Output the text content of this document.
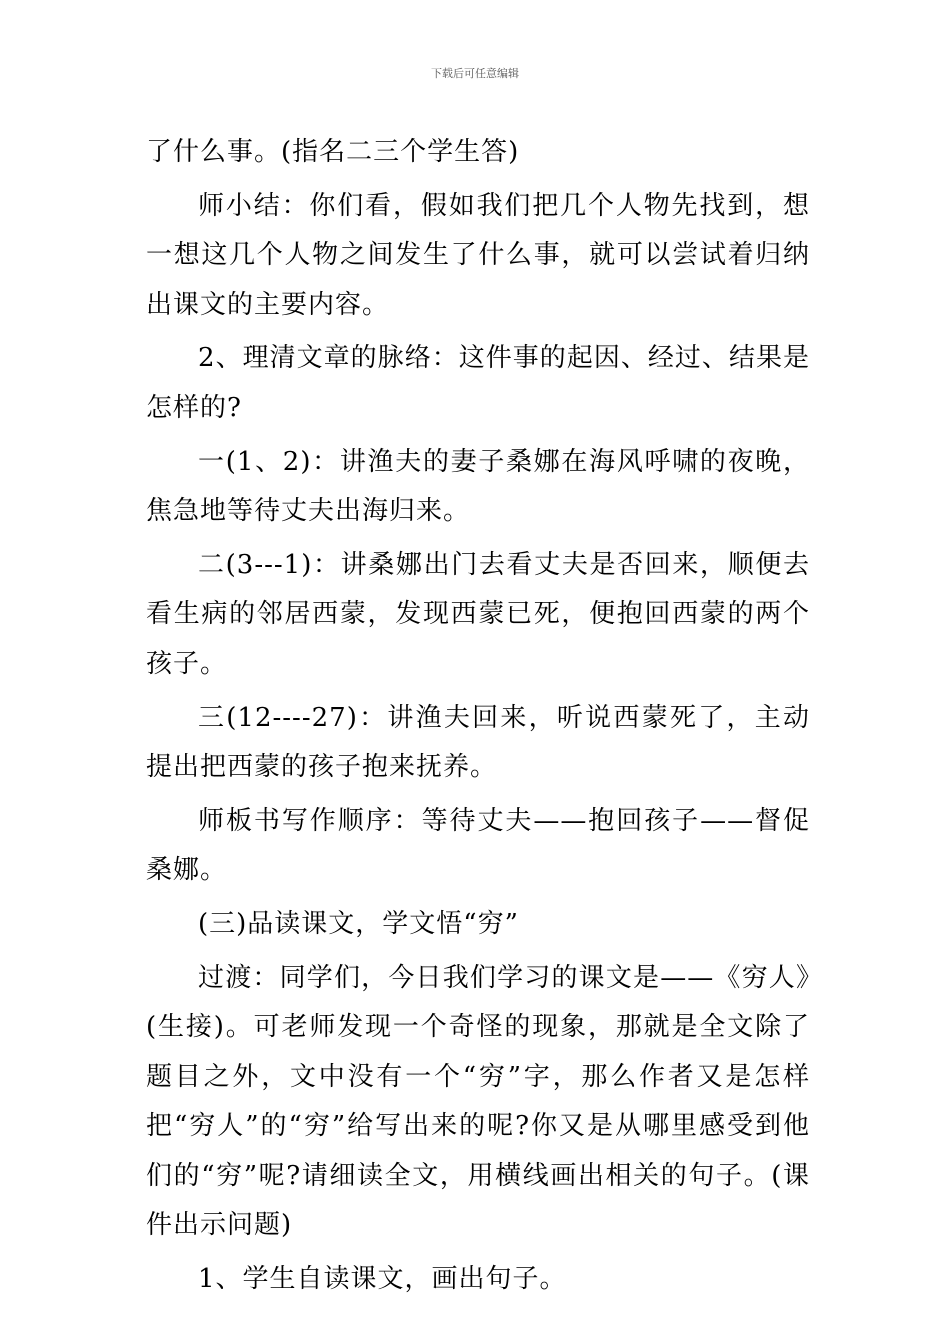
下载后可任意编辑

了什么事。(指名二三个学生答)

师小结：你们看，假如我们把几个人物先找到，想一想这几个人物之间发生了什么事，就可以尝试着归纳出课文的主要内容。

2、理清文章的脉络：这件事的起因、经过、结果是怎样的?

一(1、2)：讲渔夫的妻子桑娜在海风呼啸的夜晚，焦急地等待丈夫出海归来。

二(3---1)：讲桑娜出门去看丈夫是否回来，顺便去看生病的邻居西蒙，发现西蒙已死，便抱回西蒙的两个孩子。

三(12----27)：讲渔夫回来，听说西蒙死了，主动提出把西蒙的孩子抱来抚养。

师板书写作顺序：等待丈夫——抱回孩子——督促桑娜。

(三)品读课文，学文悟“穷”

过渡：同学们，今日我们学习的课文是——《穷人》(生接)。可老师发现一个奇怪的现象，那就是全文除了题目之外，文中没有一个“穷”字，那么作者又是怎样把“穷人”的“穷”给写出来的呢?你又是从哪里感受到他们的“穷”呢?请细读全文，用横线画出相关的句子。(课件出示问题)

1、学生自读课文，画出句子。
